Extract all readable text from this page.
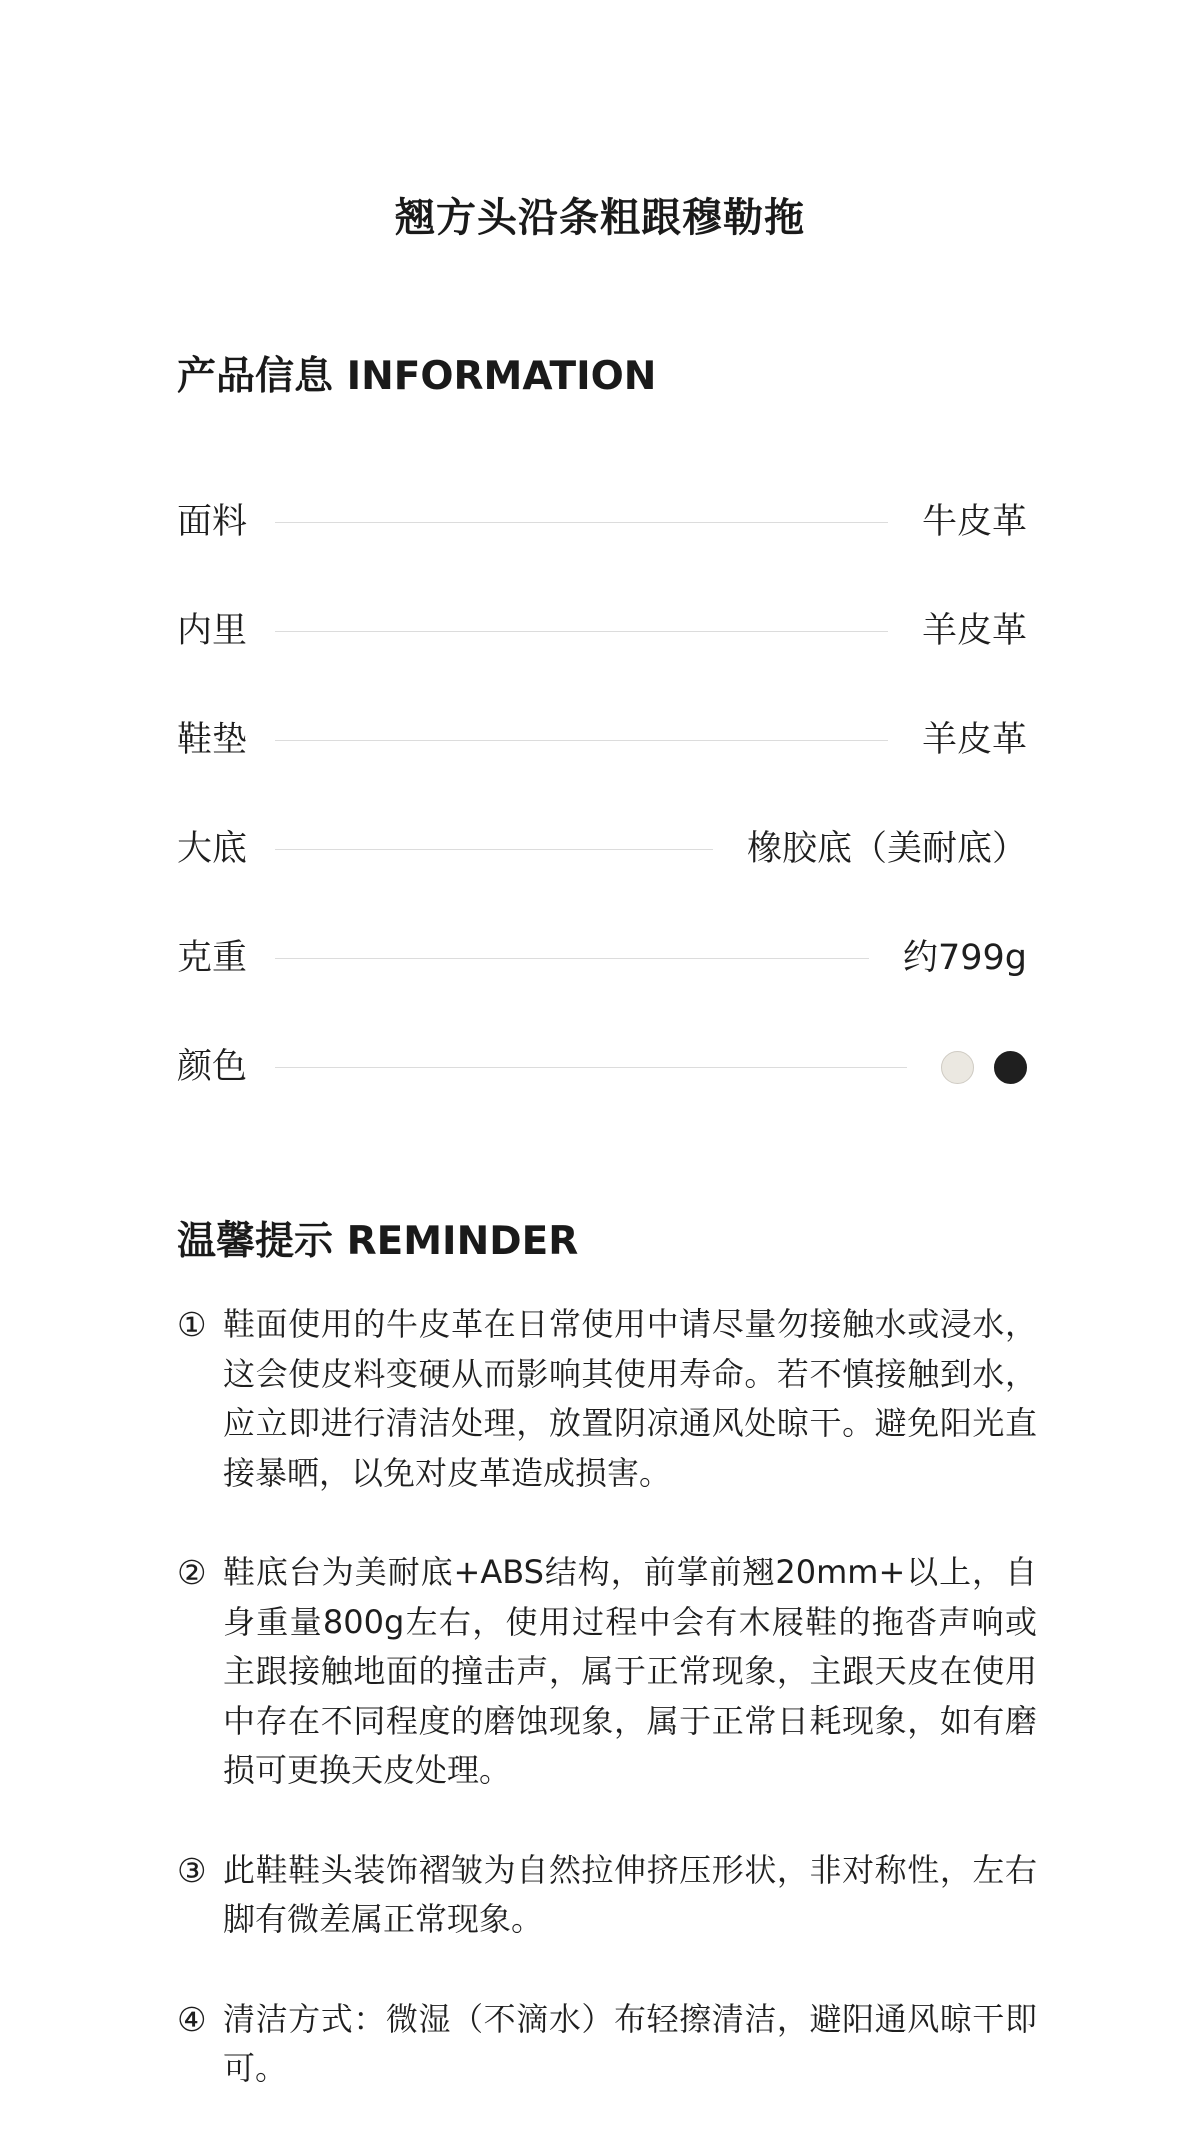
翘方头沿条粗跟穆勒拖
产品信息 INFORMATION
面料	牛皮革
内里	羊皮革
鞋垫	羊皮革
大底	橡胶底（美耐底）
克重	约799g
颜色
温馨提示 REMINDER
① 鞋面使用的牛皮革在日常使用中请尽量勿接触水或浸水，这会使皮料变硬从而影响其使用寿命。若不慎接触到水，应立即进行清洁处理，放置阴凉通风处晾干。避免阳光直接暴晒，以免对皮革造成损害。
② 鞋底台为美耐底+ABS结构，前掌前翘20mm+以上，自身重量800g左右，使用过程中会有木屐鞋的拖沓声响或主跟接触地面的撞击声，属于正常现象，主跟天皮在使用中存在不同程度的磨蚀现象，属于正常日耗现象，如有磨损可更换天皮处理。
③ 此鞋鞋头装饰褶皱为自然拉伸挤压形状，非对称性，左右脚有微差属正常现象。
④ 清洁方式：微湿（不滴水）布轻擦清洁，避阳通风晾干即可。
